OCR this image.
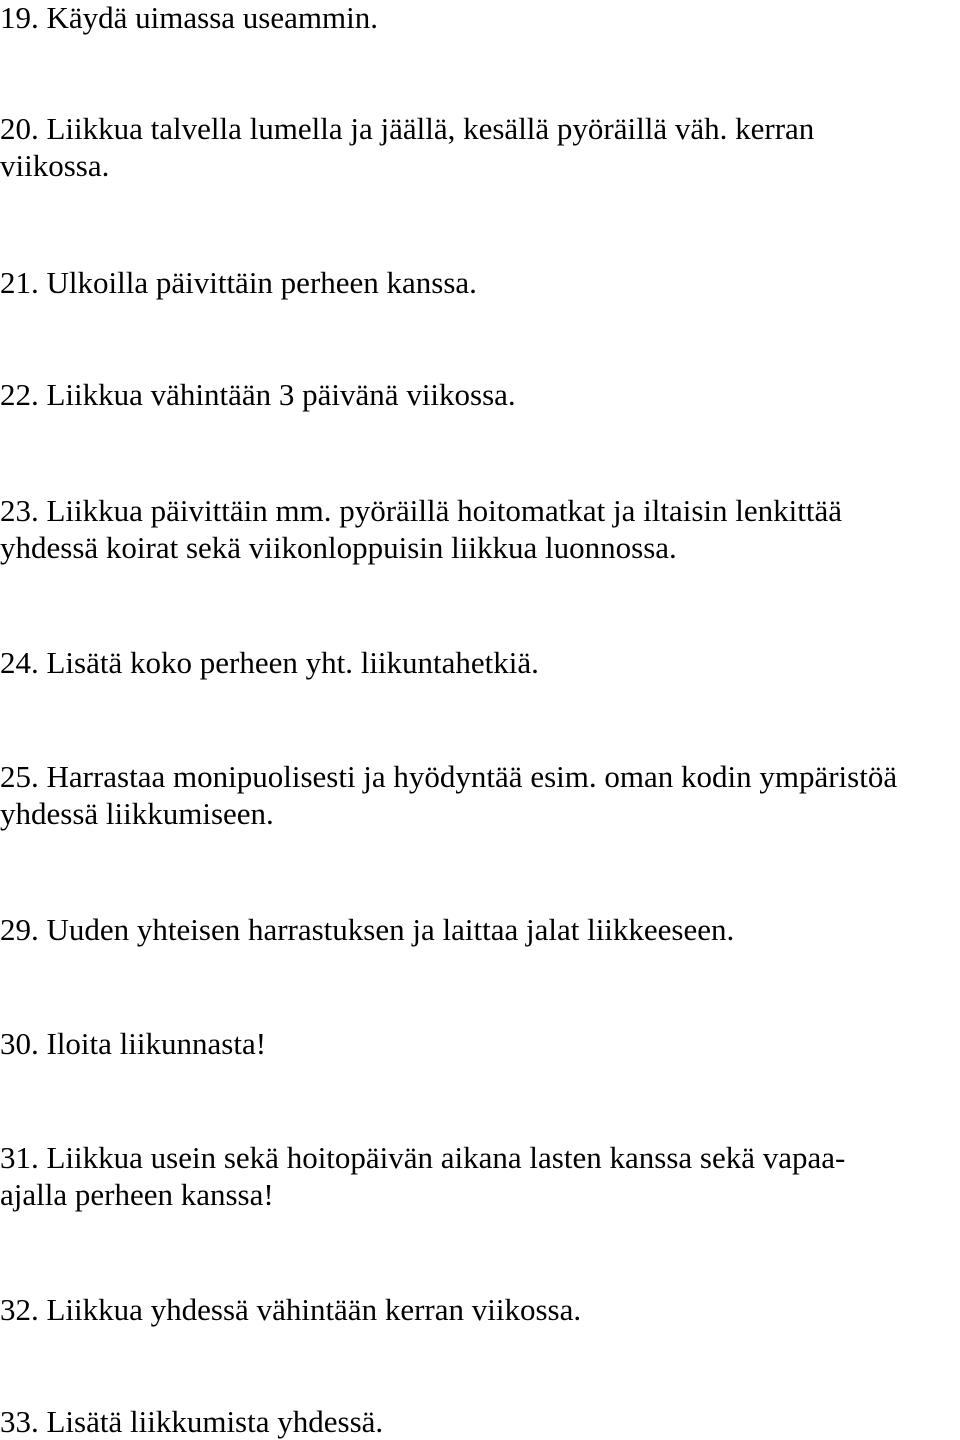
19. Käydä uimassa useammin.

20. Liikkua talvella lumella ja jäällä, kesällä pyöräillä väh. kerran
viikossa.

21. Ulkoilla päivittäin perheen kanssa.

22. Liikkua vähintään 3 päivänä viikossa.

23. Liikkua päivittäin mm. pyöräillä hoitomatkat ja iltaisin lenkittää
yhdessä koirat sekä viikonloppuisin liikkua luonnossa.

24. Lisätä koko perheen yht. liikuntahetkiä.

25. Harrastaa monipuolisesti ja hyödyntää esim. oman kodin ympäristöä
yhdessä liikkumiseen.

29. Uuden yhteisen harrastuksen ja laittaa jalat liikkeeseen.

30. Iloita liikunnasta!

31. Liikkua usein sekä hoitopäivän aikana lasten kanssa sekä vapaa-
ajalla perheen kanssa!

32. Liikkua yhdessä vähintään kerran viikossa.

33. Lisätä liikkumista yhdessä.
